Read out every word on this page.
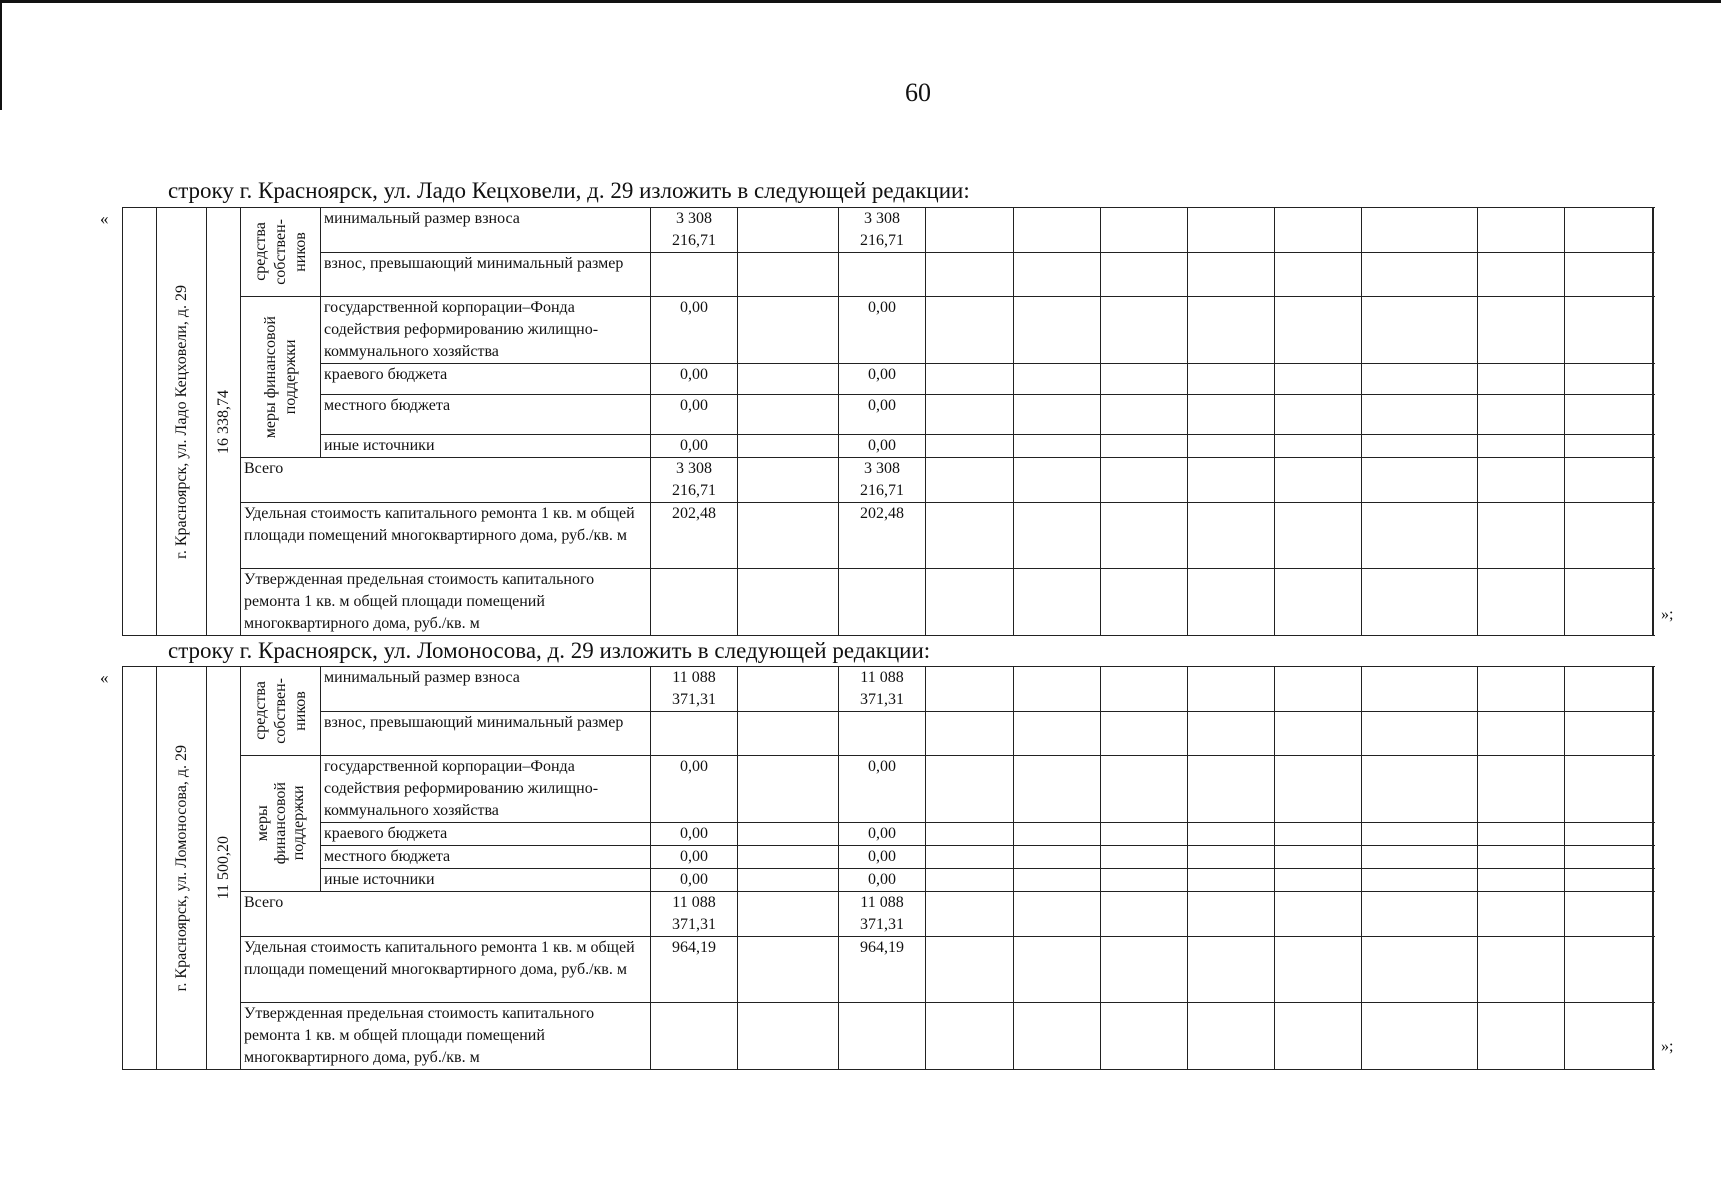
60
строку г. Красноярск, ул. Ладо Кецховели, д. 29 изложить в следующей редакции:
«

	г. Красноярск, ул. Ладо Кецховели, д. 29	16 338,74	средства собствен- ников	минимальный размер взноса	3 308 216,71		3 308 216,71										
				взнос, превышающий минимальный размер													

			меры финансовой поддержки	государственной корпорации–Фонда содействия реформированию жилищно-коммунального хозяйства	0,00		0,00										
				краевого бюджета	0,00		0,00										
				местного бюджета	0,00		0,00										
				иные источники	0,00		0,00										
			Всего		3 308 216,71		3 308 216,71										
			Удельная стоимость капитального ремонта 1 кв. м общей площади помещений многоквартирного дома, руб./кв. м		202,48		202,48										
			Утвержденная предельная стоимость капитального ремонта 1 кв. м общей площади помещений многоквартирного дома, руб./кв. м													
»;
строку г. Красноярск, ул. Ломоносова, д. 29 изложить в следующей редакции:
«

	г. Красноярск, ул. Ломоносова, д. 29	11 500,20	средства собствен- ников	минимальный размер взноса	11 088 371,31		11 088 371,31										
				взнос, превышающий минимальный размер													

			меры финансовой поддержки	государственной корпорации–Фонда содействия реформированию жилищно-коммунального хозяйства	0,00		0,00										
				краевого бюджета	0,00		0,00										
				местного бюджета	0,00		0,00										
				иные источники	0,00		0,00										
			Всего		11 088 371,31		11 088 371,31										
			Удельная стоимость капитального ремонта 1 кв. м общей площади помещений многоквартирного дома, руб./кв. м		964,19		964,19										
			Утвержденная предельная стоимость капитального ремонта 1 кв. м общей площади помещений многоквартирного дома, руб./кв. м													
»;
